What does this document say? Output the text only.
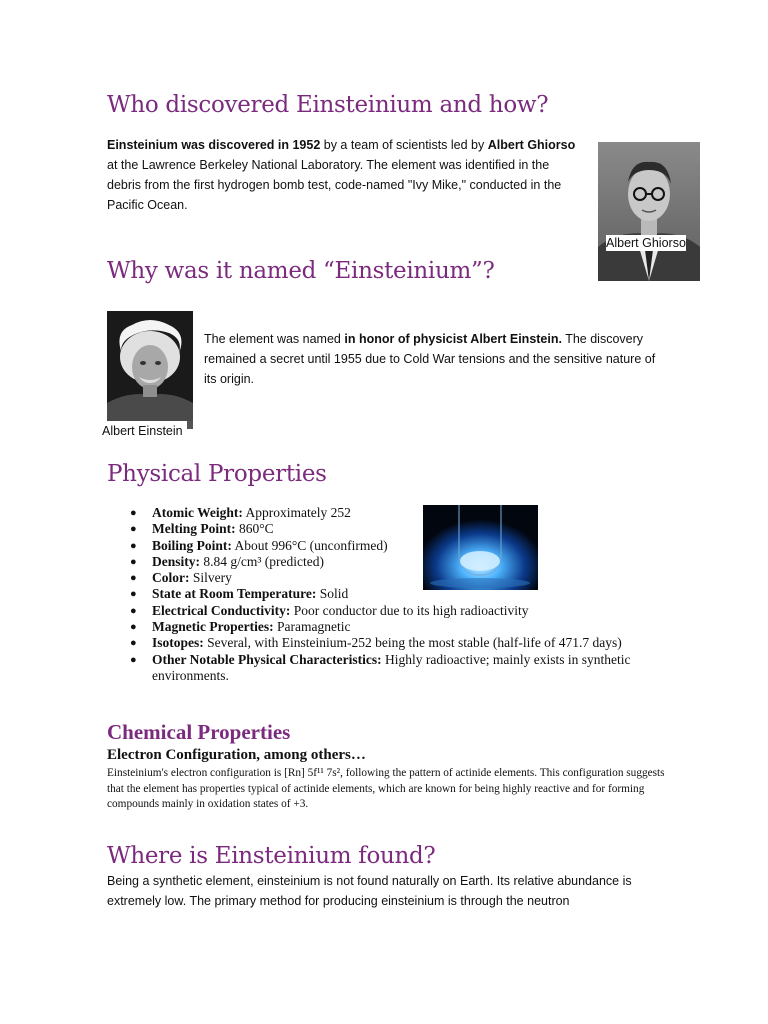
Who discovered Einsteinium and how?

Einsteinium was discovered in 1952 by a team of scientists led by Albert Ghiorso at the Lawrence Berkeley National Laboratory. The element was identified in the debris from the first hydrogen bomb test, code-named "Ivy Mike," conducted in the Pacific Ocean.

Albert Ghiorso
Why was it named “Einsteinium”?
Albert Einstein

The element was named in honor of physicist Albert Einstein. The discovery remained a secret until 1955 due to Cold War tensions and the sensitive nature of its origin.

Physical Properties
● Atomic Weight: Approximately 252
● Melting Point: 860°C
● Boiling Point: About 996°C (unconfirmed)
● Density: 8.84 g/cm³ (predicted)
● Color: Silvery
● State at Room Temperature: Solid
● Electrical Conductivity: Poor conductor due to its high radioactivity
● Magnetic Properties: Paramagnetic
● Isotopes: Several, with Einsteinium-252 being the most stable (half-life of 471.7 days)
● Other Notable Physical Characteristics: Highly radioactive; mainly exists in synthetic environments.
Chemical Properties
Electron Configuration, among others…

Einsteinium's electron configuration is [Rn] 5f¹¹ 7s², following the pattern of actinide elements. This configuration suggests that the element has properties typical of actinide elements, which are known for being highly reactive and for forming compounds mainly in oxidation states of +3.

Where is Einsteinium found?

Being a synthetic element, einsteinium is not found naturally on Earth. Its relative abundance is extremely low. The primary method for producing einsteinium is through the neutron
